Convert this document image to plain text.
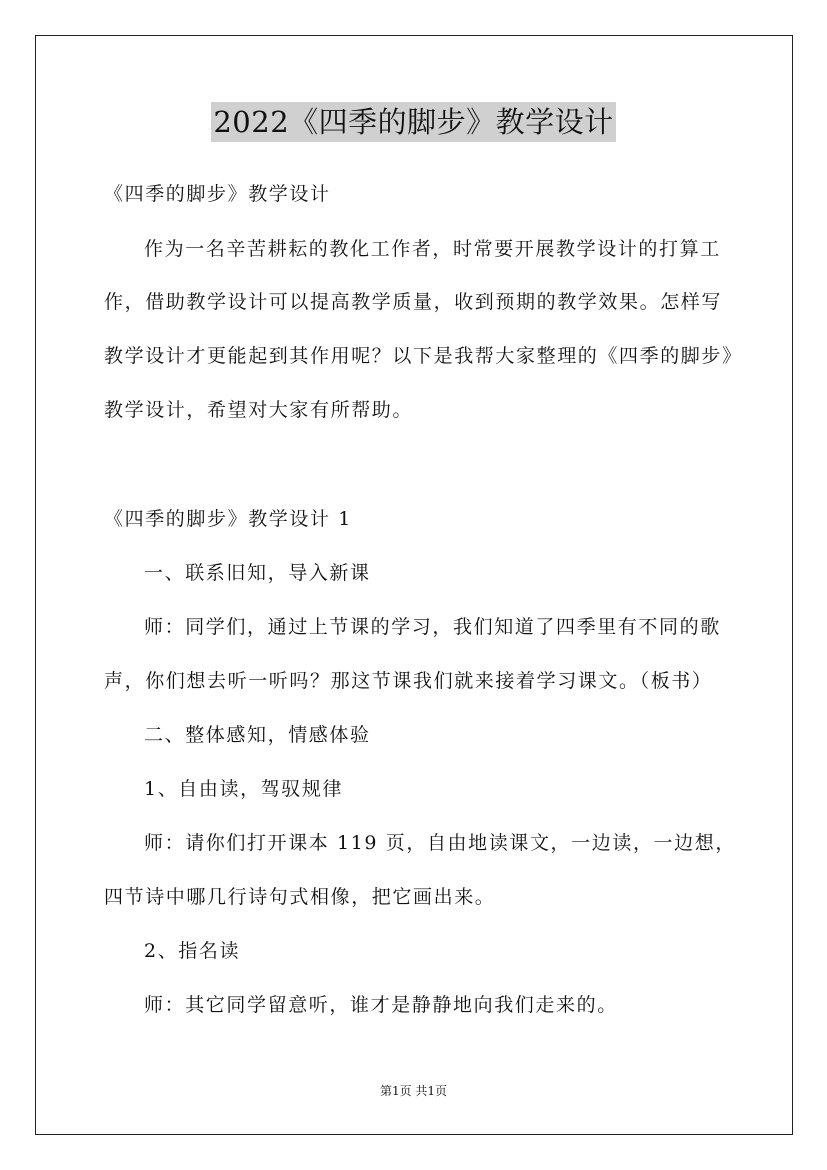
2022《四季的脚步》教学设计
《四季的脚步》教学设计
作为一名辛苦耕耘的教化工作者，时常要开展教学设计的打算工
作，借助教学设计可以提高教学质量，收到预期的教学效果。怎样写
教学设计才更能起到其作用呢？以下是我帮大家整理的《四季的脚步》
教学设计，希望对大家有所帮助。
《四季的脚步》教学设计 1
一、联系旧知，导入新课
师：同学们，通过上节课的学习，我们知道了四季里有不同的歌
声，你们想去听一听吗？那这节课我们就来接着学习课文。（板书）
二、整体感知，情感体验
1、自由读，驾驭规律
师：请你们打开课本 119 页，自由地读课文，一边读，一边想，
四节诗中哪几行诗句式相像，把它画出来。
2、指名读
师：其它同学留意听，谁才是静静地向我们走来的。
第1页 共1页
